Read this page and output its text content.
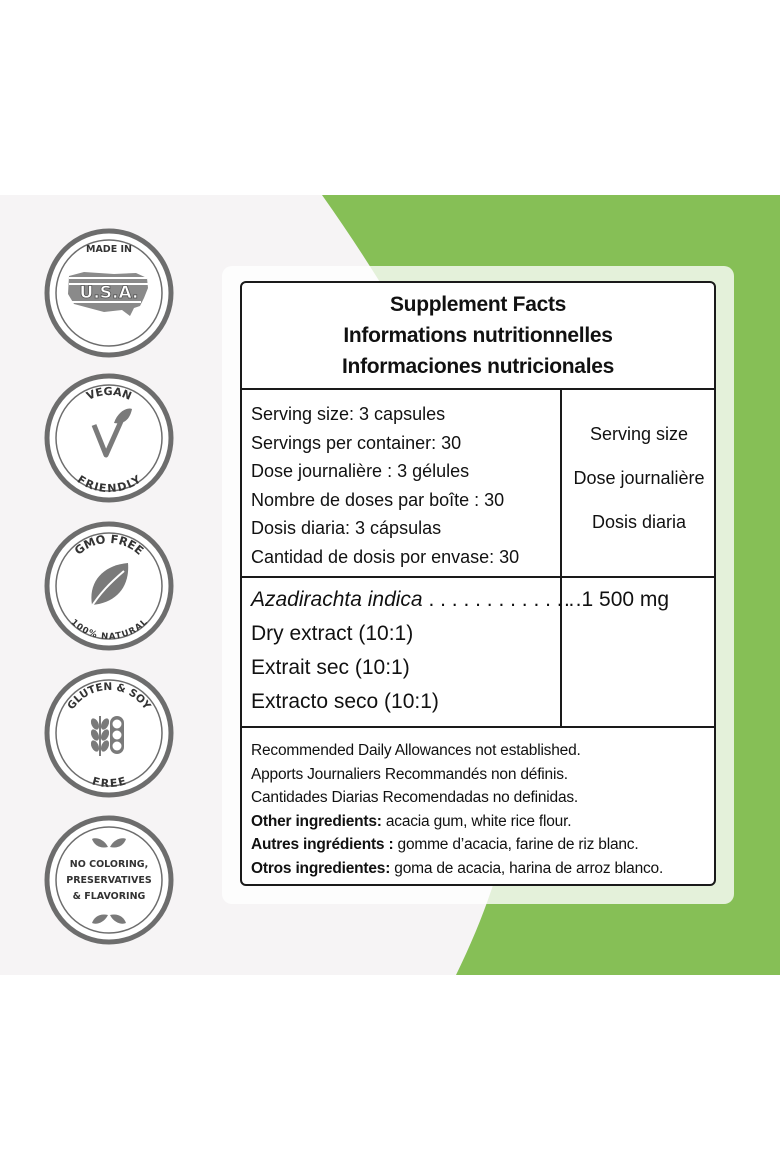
MADE IN
U.S.A.
VEGAN
FRIENDLY
GMO FREE
100% NATURAL
GLUTEN & SOY
FREE
NO COLORING,
PRESERVATIVES
& FLAVORING
Supplement Facts
Informations nutritionnelles
Informaciones nutricionales
Serving size: 3 capsules
Servings per container: 30
Dose journalière : 3 gélules
Nombre de doses par boîte : 30
Dosis diaria: 3 cápsulas
Cantidad de dosis por envase: 30
Serving size
Dose journalière
Dosis diaria
Azadirachta indica . . . . . . . . . . . . .
. .1 500 mg
Dry extract (10:1)
Extrait sec (10:1)
Extracto seco (10:1)
Recommended Daily Allowances not established.
Apports Journaliers Recommandés non définis.
Cantidades Diarias Recomendadas no definidas.
Other ingredients: acacia gum, white rice flour.
Autres ingrédients : gomme d’acacia, farine de riz blanc.
Otros ingredientes: goma de acacia, harina de arroz blanco.
